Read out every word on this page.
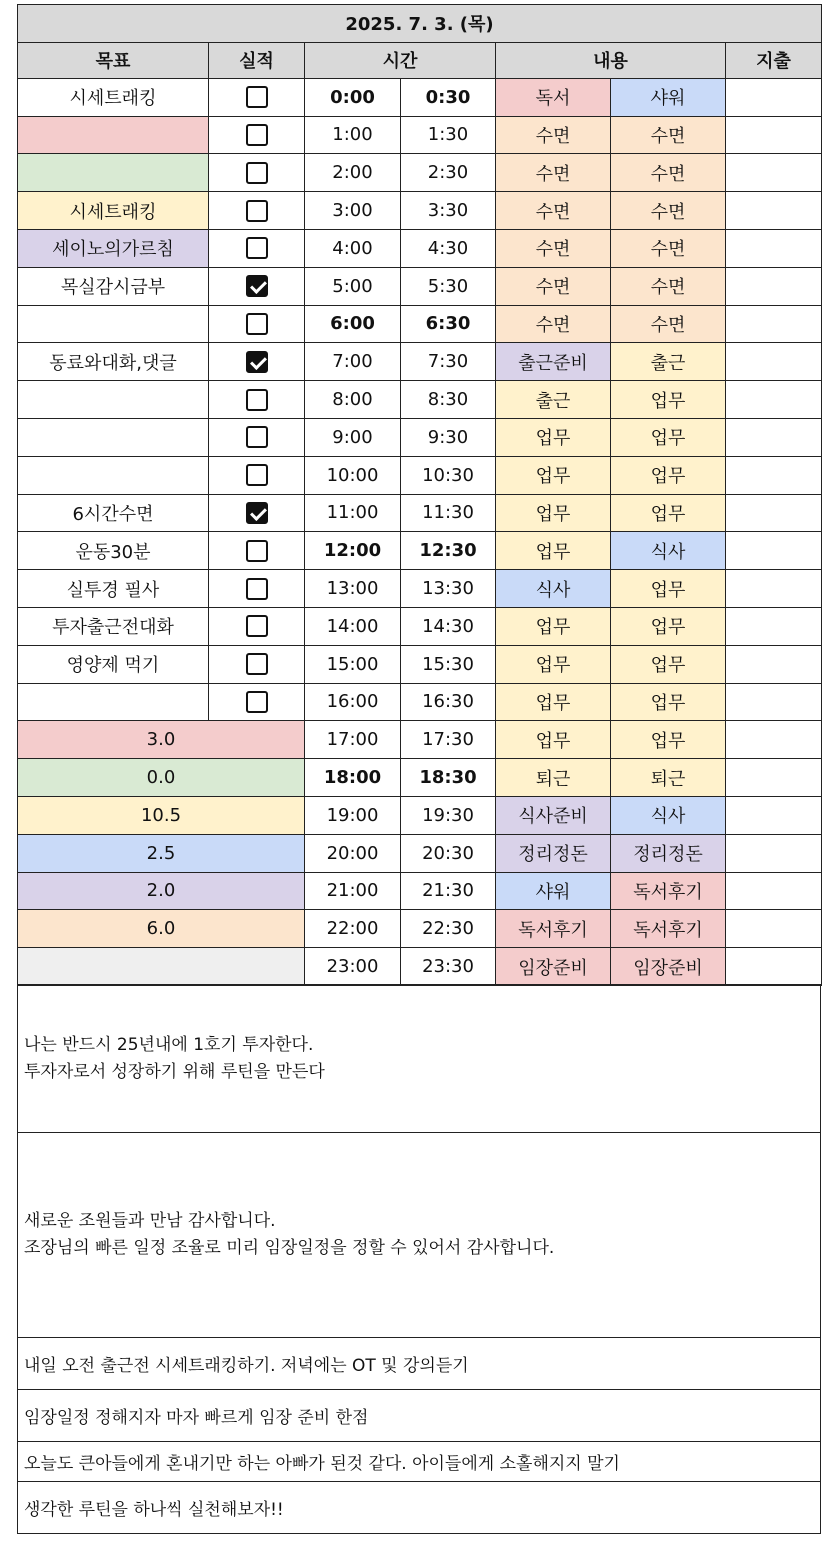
2025. 7. 3. (목)						
목표	실적	시간		내용		지출
시세트래킹		0:00	0:30	독서	샤워	
		1:00	1:30	수면	수면	
		2:00	2:30	수면	수면	
시세트래킹		3:00	3:30	수면	수면	
세이노의가르침		4:00	4:30	수면	수면	
목실감시금부		5:00	5:30	수면	수면	
		6:00	6:30	수면	수면	
동료와대화,댓글		7:00	7:30	출근준비	출근	
		8:00	8:30	출근	업무	
		9:00	9:30	업무	업무	
		10:00	10:30	업무	업무	
6시간수면		11:00	11:30	업무	업무	
운동30분		12:00	12:30	업무	식사	
실투경 필사		13:00	13:30	식사	업무	
투자출근전대화		14:00	14:30	업무	업무	
영양제 먹기		15:00	15:30	업무	업무	
		16:00	16:30	업무	업무	
3.0		17:00	17:30	업무	업무	
0.0		18:00	18:30	퇴근	퇴근	
10.5		19:00	19:30	식사준비	식사	
2.5		20:00	20:30	정리정돈	정리정돈	
2.0		21:00	21:30	샤워	독서후기	
6.0		22:00	22:30	독서후기	독서후기	
		23:00	23:30	임장준비	임장준비	
나는 반드시 25년내에 1호기 투자한다.
투자자로서 성장하기 위해 루틴을 만든다

새로운 조원들과 만남 감사합니다.
조장님의 빠른 일정 조율로 미리 임장일정을 정할 수 있어서 감사합니다.

내일 오전 출근전 시세트래킹하기. 저녁에는 OT 및 강의듣기
임장일정 정해지자 마자 빠르게 임장 준비 한점
오늘도 큰아들에게 혼내기만 하는 아빠가 된것 같다. 아이들에게 소홀해지지 말기
생각한 루틴을 하나씩 실천해보자!!
